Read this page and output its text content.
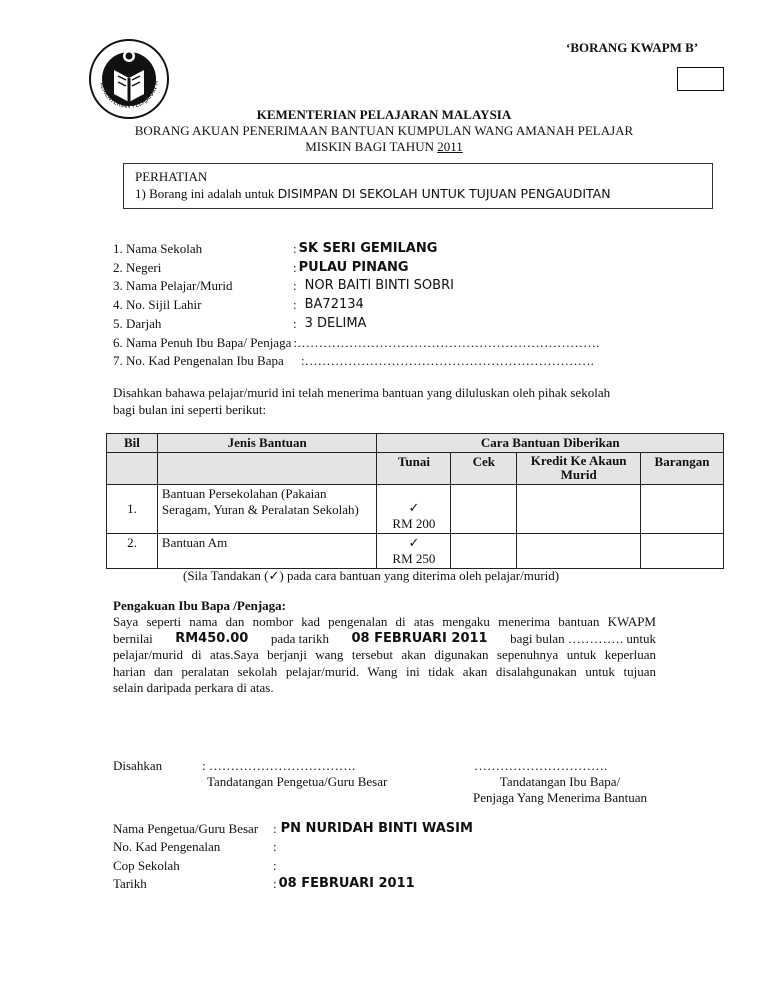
KEMENTERIAN PELAJARAN M
‘BORANG KWAPM B’
KEMENTERIAN PELAJARAN MALAYSIA
BORANG AKUAN PENERIMAAN BANTUAN KUMPULAN WANG AMANAH PELAJAR
MISKIN BAGI TAHUN 2011
PERHATIAN
1) Borang ini adalah untuk DISIMPAN DI SEKOLAH UNTUK TUJUAN PENGAUDITAN
1. Nama Sekolah	: SK SERI GEMILANG
2. Negeri	: PULAU PINANG
3. Nama Pelajar/Murid	: NOR BAITI BINTI SOBRI
4. No. Sijil Lahir	: BA72134
5. Darjah	: 3 DELIMA
6. Nama Penuh Ibu Bapa/ Penjaga : …………………………………………………………….
7. No. Kad Pengenalan Ibu Bapa	: ………………………………………………………….
Disahkan bahawa pelajar/murid ini telah menerima bantuan yang diluluskan oleh pihak sekolah
bagi bulan ini seperti berikut:
Bil	Jenis Bantuan	Cara Bantuan Diberikan			
		Tunai	Cek	Kredit Ke Akaun Murid	Barangan
1.	Bantuan Persekolahan (Pakaian Seragam, Yuran & Peralatan Sekolah)	✓
RM 200			

2.	Bantuan Am	✓
RM 250			

(Sila Tandakan (✓) pada cara bantuan yang diterima oleh pelajar/murid)
Pengakuan Ibu Bapa /Penjaga:
Saya seperti nama dan nombor kad pengenalan di atas mengaku menerima bantuan KWAPM
bernilai RM450.00 pada tarikh 08 FEBRUARI 2011 bagi bulan …………. untuk
pelajar/murid di atas.Saya berjanji wang tersebut akan digunakan sepenuhnya untuk keperluan
harian dan peralatan sekolah pelajar/murid. Wang ini tidak akan disalahgunakan untuk tujuan
selain daripada perkara di atas.
Disahkan	: …………………………….	………………………….
Tandatangan Pengetua/Guru Besar	Tandatangan Ibu Bapa/
Penjaga Yang Menerima Bantuan
Nama Pengetua/Guru Besar	: PN NURIDAH BINTI WASIM
No. Kad Pengenalan	:
Cop Sekolah	:
Tarikh	: 08 FEBRUARI 2011
